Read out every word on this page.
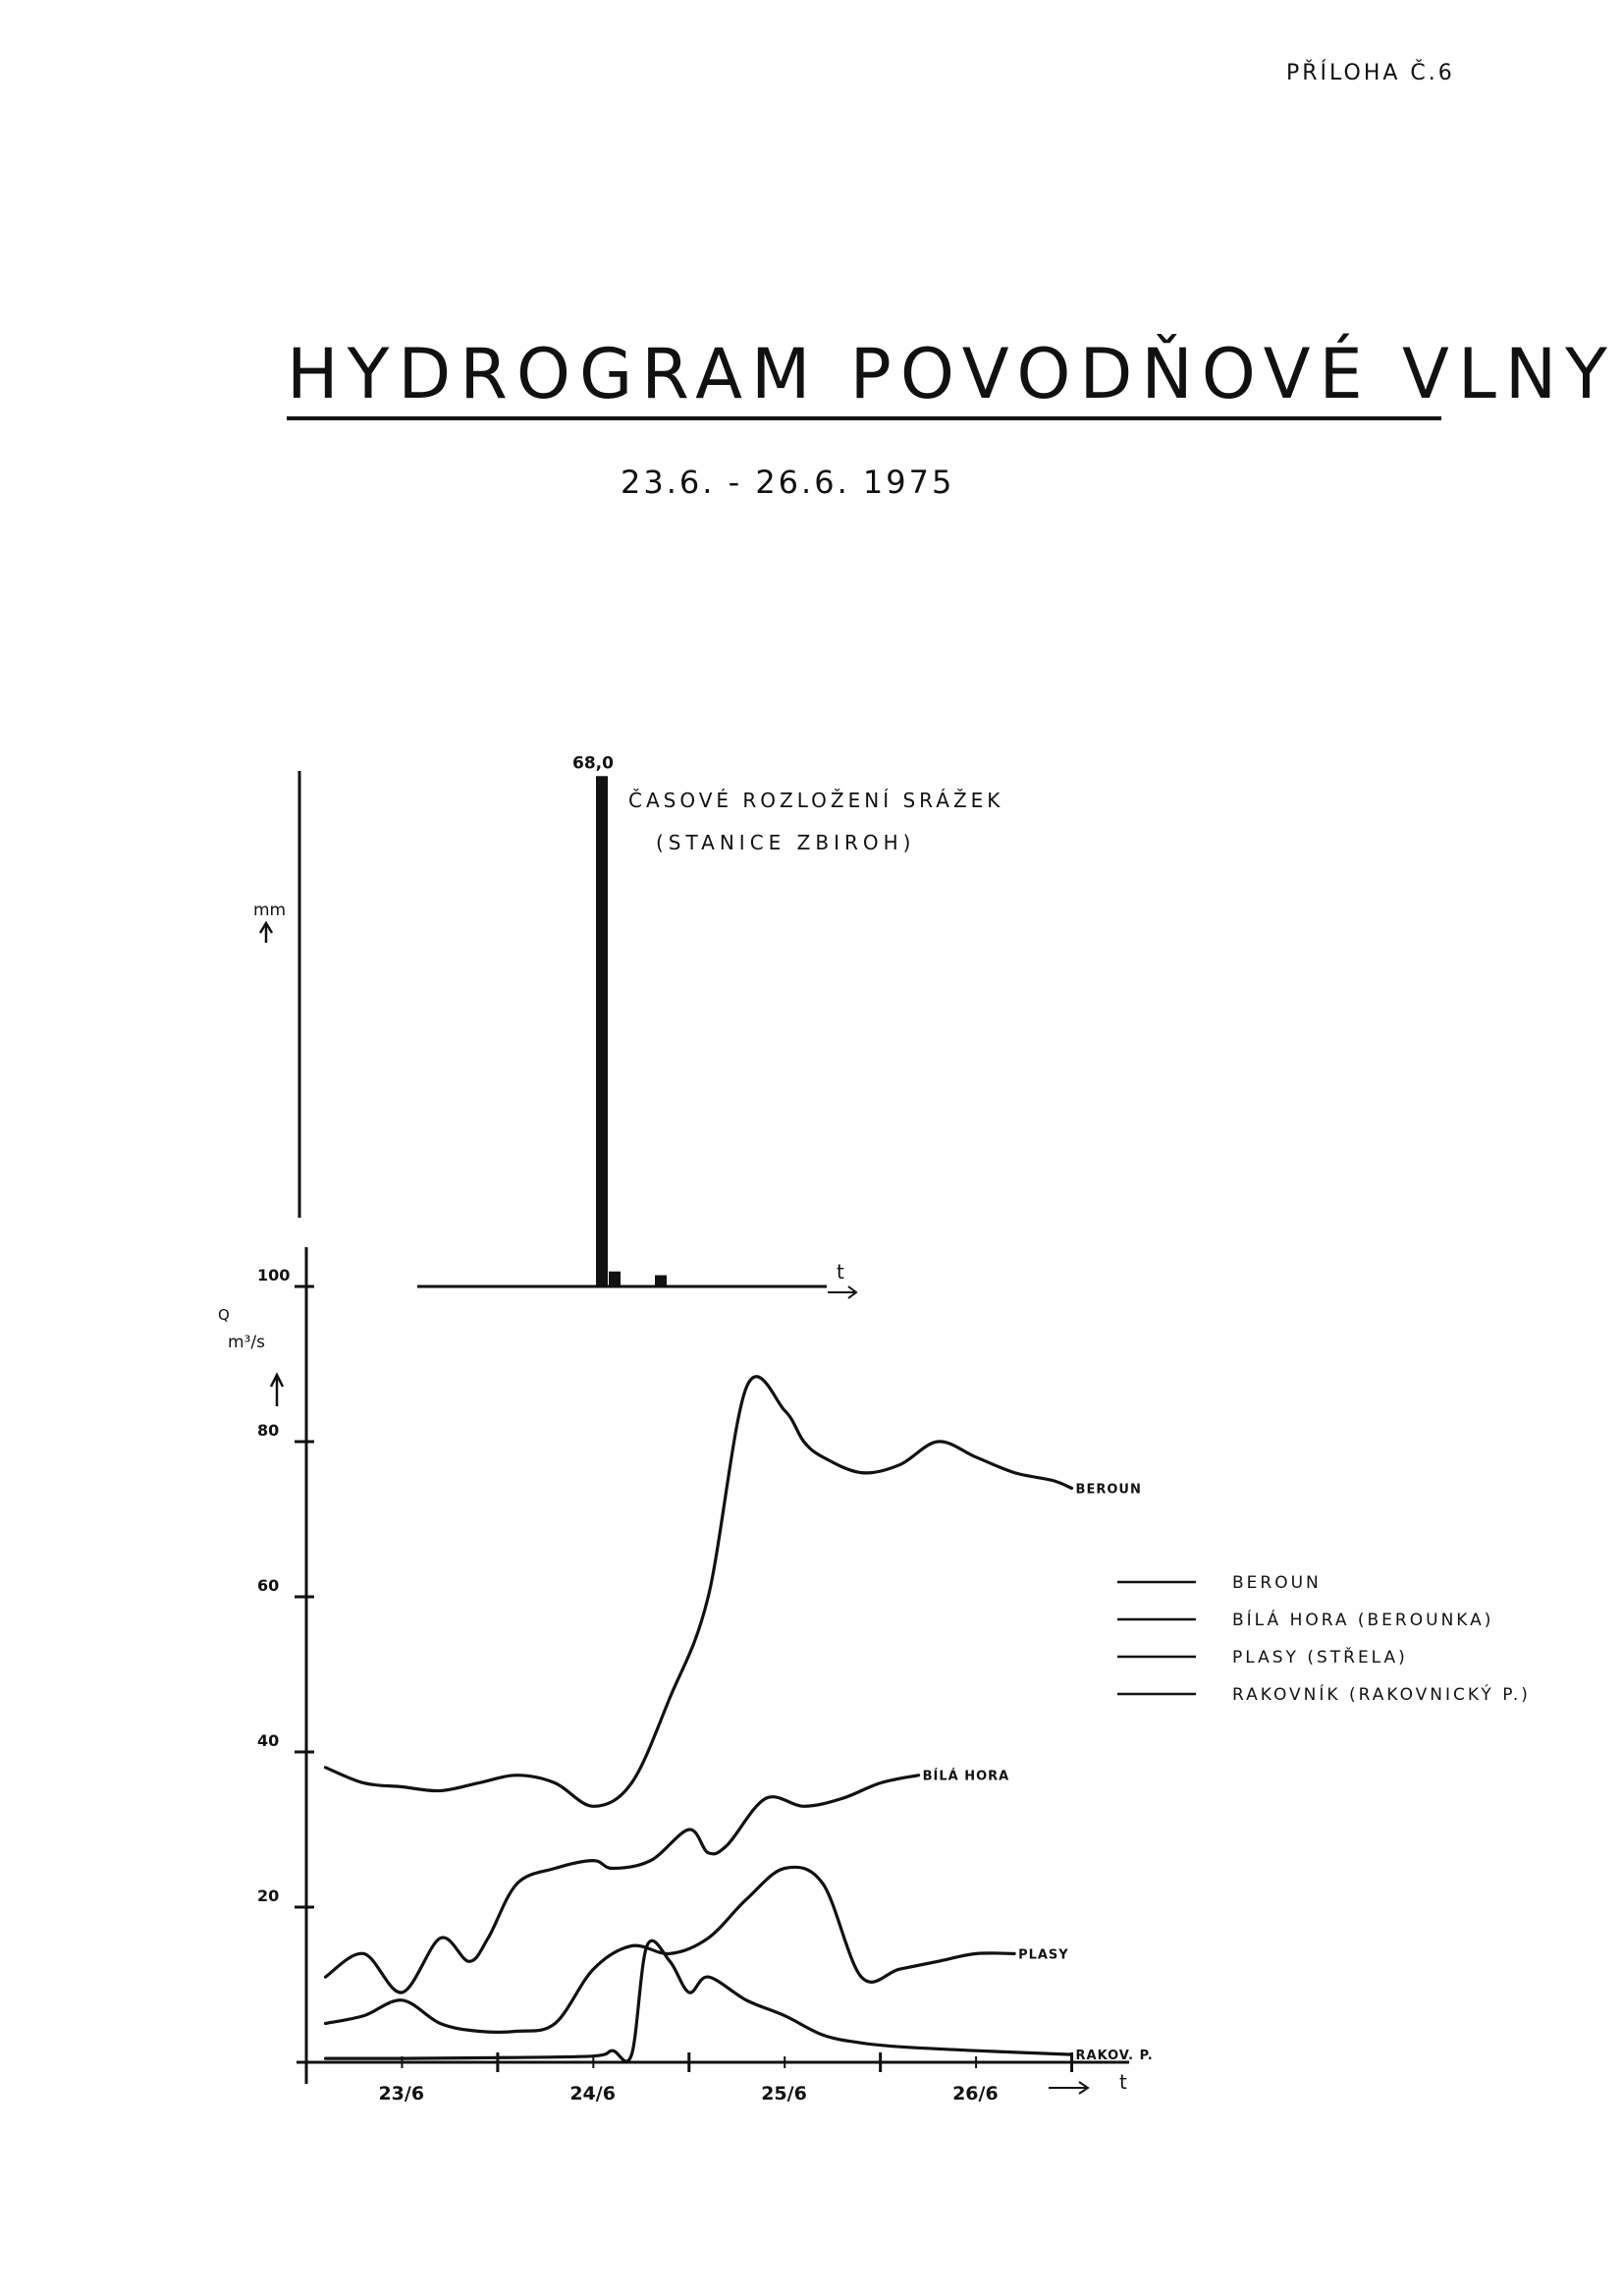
PŘÍLOHA Č.6
HYDROGRAM POVODŇOVÉ VLNY
23.6. - 26.6. 1975
mm
t
ČASOVÉ ROZLOŽENÍ SRÁŽEK
(STANICE ZBIROH)
68,0
Q
m³/s
t
20
40
60
80
100
23/6	24/6	25/6	26/6
BEROUN
BÍLÁ HORA
PLASY
RAKOV. P.
BEROUN
BÍLÁ HORA (BEROUNKA)
PLASY (STŘELA)
RAKOVNÍK (RAKOVNICKÝ P.)
